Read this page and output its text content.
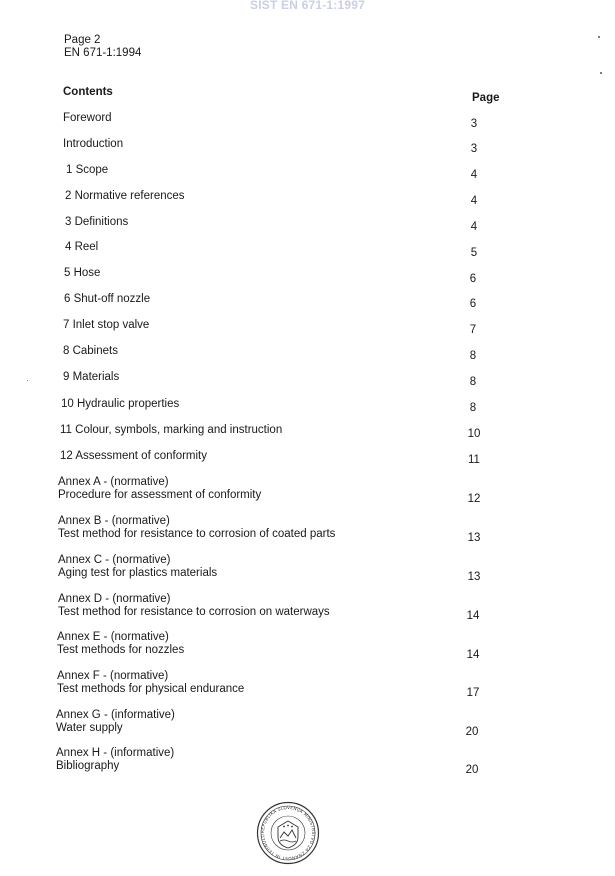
SIST EN 671-1:1997
Page 2
EN 671-1:1994
Contents	Page
Foreword	3
Introduction	3
1 Scope	4
2 Normative references	4
3 Definitions	4
4 Reel	5
5 Hose	6
6 Shut-off nozzle	6
7 Inlet stop valve	7
8 Cabinets	8
9 Materials	8
10 Hydraulic properties	8
11 Colour, symbols, marking and instruction	10
12 Assessment of conformity	11
Annex A - (normative)
Procedure for assessment of conformity	12
Annex B - (normative)
Test method for resistance to corrosion of coated parts	13
Annex C - (normative)
Aging test for plastics materials	13
Annex D - (normative)
Test method for resistance to corrosion on waterways	14
Annex E - (normative)
Test methods for nozzles	14
Annex F - (normative)
Test methods for physical endurance	17
Annex G - (informative)
Water supply	20
Annex H - (informative)
Bibliography	20
REPUBLIKA SLOVENIJA MINISTRSTVO ZA ZNANOST IN TEHNOLO
